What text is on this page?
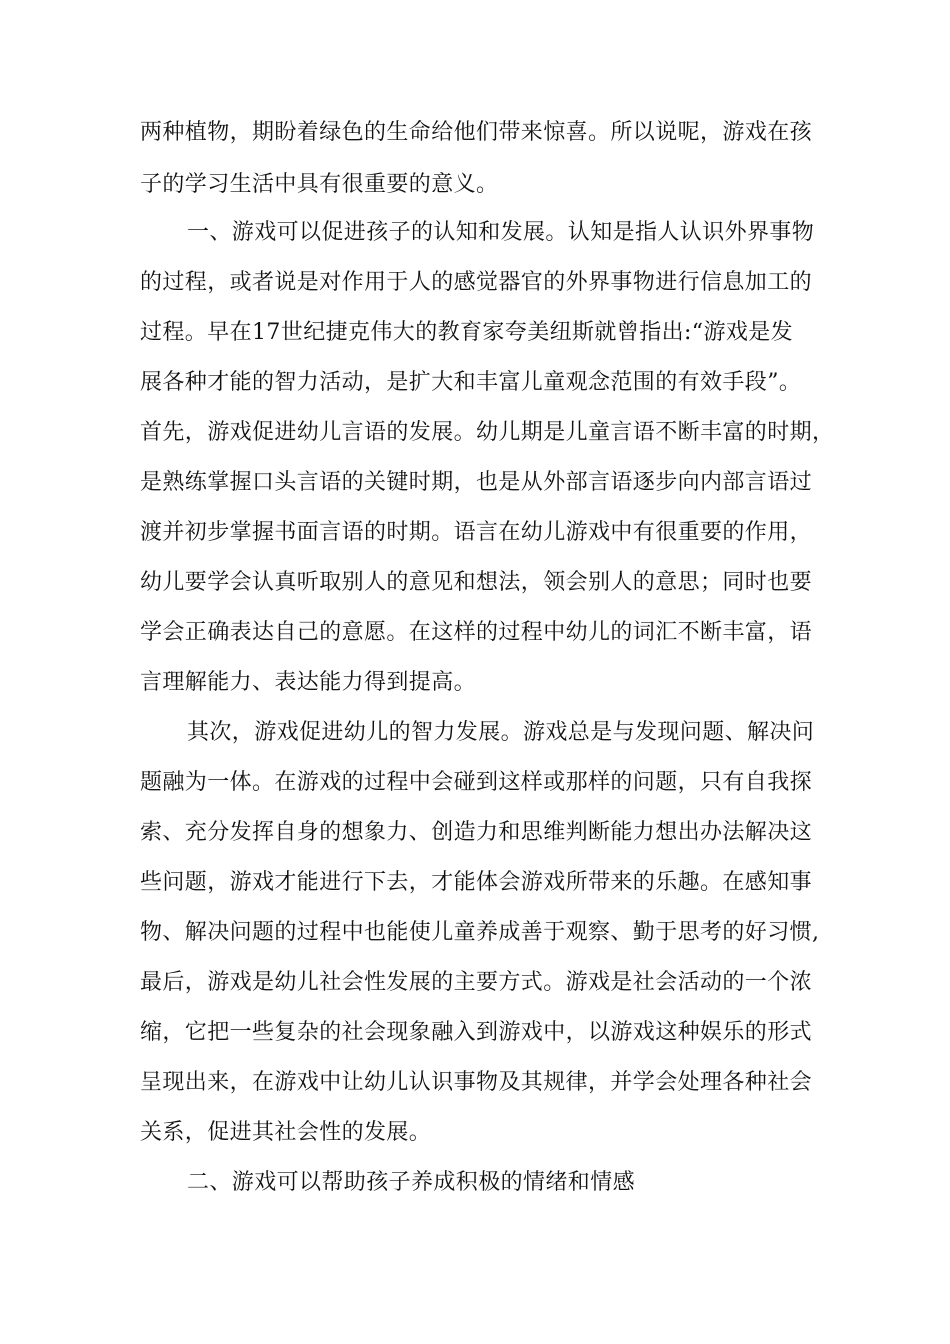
两种植物，期盼着绿色的生命给他们带来惊喜。所以说呢，游戏在孩
子的学习生活中具有很重要的意义。
一、游戏可以促进孩子的认知和发展。认知是指人认识外界事物
的过程，或者说是对作用于人的感觉器官的外界事物进行信息加工的
过程。早在17世纪捷克伟大的教育家夸美纽斯就曾指出:“游戏是发
展各种才能的智力活动，是扩大和丰富儿童观念范围的有效手段”。
首先，游戏促进幼儿言语的发展。幼儿期是儿童言语不断丰富的时期，
是熟练掌握口头言语的关键时期，也是从外部言语逐步向内部言语过
渡并初步掌握书面言语的时期。语言在幼儿游戏中有很重要的作用，
幼儿要学会认真听取别人的意见和想法，领会别人的意思；同时也要
学会正确表达自己的意愿。在这样的过程中幼儿的词汇不断丰富，语
言理解能力、表达能力得到提高。
其次，游戏促进幼儿的智力发展。游戏总是与发现问题、解决问
题融为一体。在游戏的过程中会碰到这样或那样的问题，只有自我探
索、充分发挥自身的想象力、创造力和思维判断能力想出办法解决这
些问题，游戏才能进行下去，才能体会游戏所带来的乐趣。在感知事
物、解决问题的过程中也能使儿童养成善于观察、勤于思考的好习惯,
最后，游戏是幼儿社会性发展的主要方式。游戏是社会活动的一个浓
缩，它把一些复杂的社会现象融入到游戏中，以游戏这种娱乐的形式
呈现出来，在游戏中让幼儿认识事物及其规律，并学会处理各种社会
关系，促进其社会性的发展。
二、游戏可以帮助孩子养成积极的情绪和情感
